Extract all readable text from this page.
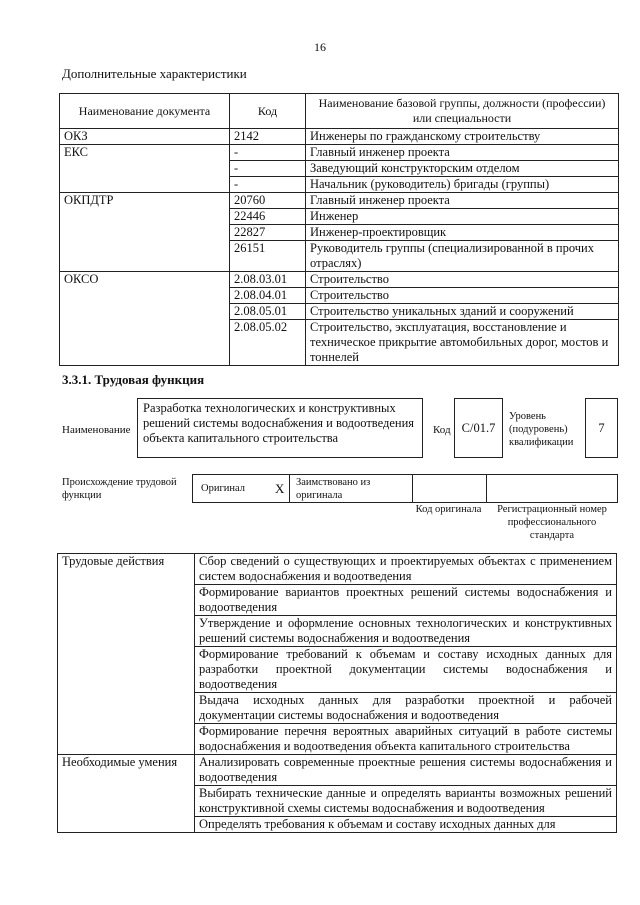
16
Дополнительные характеристики
Наименование документа	Код	Наименование базовой группы, должности (профессии) или специальности
ОКЗ	2142	Инженеры по гражданскому строительству
ЕКС	-	Главный инженер проекта
	-	Заведующий конструкторским отделом
	-	Начальник (руководитель) бригады (группы)
ОКПДТР	20760	Главный инженер проекта
	22446	Инженер
	22827	Инженер-проектировщик
	26151	Руководитель группы (специализированной в прочих отраслях)
ОКСО	2.08.03.01	Строительство
	2.08.04.01	Строительство
	2.08.05.01	Строительство уникальных зданий и сооружений
	2.08.05.02	Строительство, эксплуатация, восстановление и техническое прикрытие автомобильных дорог, мостов и тоннелей
3.3.1. Трудовая функция
Наименование
Разработка технологических и конструктивных решений системы водоснабжения и водоотведения объекта капитального строительства
Код С/01.7
Уровень (подуровень) квалификации
7
Происхождение трудовой функции
Оригинал X Заимствовано из оригинала
Код оригинала	Регистрационный номер профессионального стандарта
Трудовые действия	Сбор сведений о существующих и проектируемых объектах с применением систем водоснабжения и водоотведения
	Формирование вариантов проектных решений системы водоснабжения и водоотведения
	Утверждение и оформление основных технологических и конструктивных решений системы водоснабжения и водоотведения
	Формирование требований к объемам и составу исходных данных для разработки проектной документации системы водоснабжения и водоотведения
	Выдача исходных данных для разработки проектной и рабочей документации системы водоснабжения и водоотведения
	Формирование перечня вероятных аварийных ситуаций в работе системы водоснабжения и водоотведения объекта капитального строительства
Необходимые умения	Анализировать современные проектные решения системы водоснабжения и водоотведения
	Выбирать технические данные и определять варианты возможных решений конструктивной схемы системы водоснабжения и водоотведения
	Определять требования к объемам и составу исходных данных для
